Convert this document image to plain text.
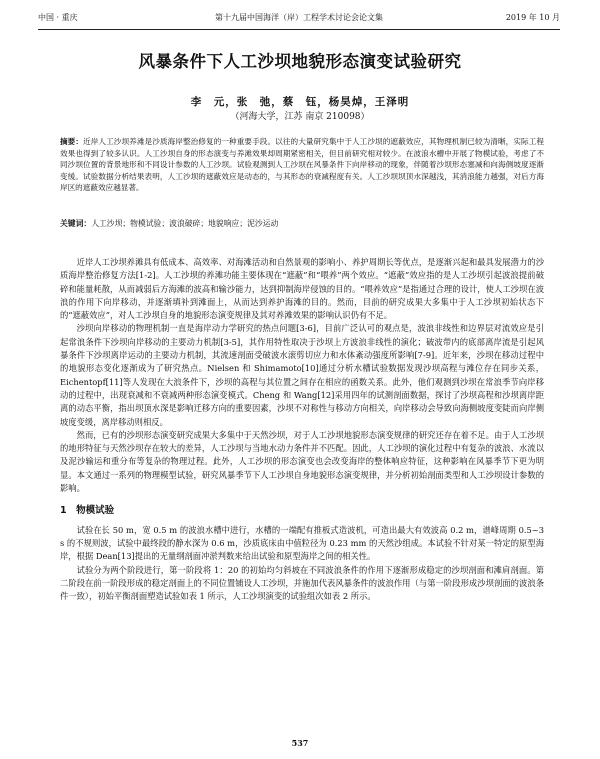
中国 · 重庆	第十九届中国海洋（岸）工程学术讨论会论文集	2019 年 10 月
风暴条件下人工沙坝地貌形态演变试验研究
李　元，张　弛，蔡　钰，杨昊焯，王泽明
（河海大学，江苏 南京 210098）
摘要：近岸人工沙坝养滩是沙质海岸整治修复的一种重要手段。以往的大量研究集中于人工沙坝的遮蔽效应，其物理机制已较为清晰，实际工程效果也得到了较多认识。人工沙坝自身的形态演变与养滩效果却周期紧密相关，但目前研究相对较少。在波浪水槽中开展了物模试验，考虑了不同沙坝位置的背景地形和不同设计参数的人工沙坝。试验观测到人工沙坝在风暴条件下向岸移动的现象，伴随着沙坝形态塞减和向海侧坡度逐渐变缓。试验数据分析结果表明，人工沙坝的遮蔽效应是动态的，与其形态的衰减程度有关。人工沙坝坝顶水深越浅，其消浪能力越强，对后方海岸区的遮蔽效应越显著。
关键词：人工沙坝；物模试验；波浪破碎；地貌响应；泥沙运动

近岸人工沙坝养滩具有低成本、高效率、对海滩活动和自然景观的影响小、养护周期长等优点，是逐渐兴起和最具发展潜力的沙质海岸整治修复方法[1-2]。人工沙坝的养滩功能主要体现在“遮蔽”和“喂养”两个效应。“遮蔽”效应指的是人工沙坝引起波浪提前破碎和能量耗散，从而减弱后方海滩的波高和输沙能力，达到抑制海岸侵蚀的目的。“喂养效应”是指通过合理的设计，使人工沙坝在波浪的作用下向岸移动，并逐渐填补到滩面上，从而达到养护海滩的目的。然而，目前的研究成果大多集中于人工沙坝初始状态下的“遮蔽效应”，对人工沙坝自身的地貌形态演变规律及其对养滩效果的影响认识仍有不足。

沙坝向岸移动的物理机制一直是海岸动力学研究的热点问题[3-6]，目前广泛认可的观点是，波浪非线性和边界层对流效应是引起常浪条件下沙坝向岸移动的主要动力机制[3-5]，其作用特性取决于沙坝上方波浪非线性的演化；破波带内的底部离岸流是引起风暴条件下沙坝离岸运动的主要动力机制，其流速剖面受破波水滚剪切应力和水体紊动强度所影响[7-9]。近年来，沙坝在移动过程中的地貌形态变化逐渐成为了研究热点。Nielsen 和 Shimamoto[10]通过分析水槽试验数据发现沙坝高程与滩位存在同步关系，Eichentopf[11]等人发现在大浪条件下，沙坝的高程与其位置之间存在相应的函数关系。此外，他们观测到沙坝在常浪季节向岸移动的过程中，出现衰减和不衰减两种形态演变模式。Cheng 和 Wang[12]采用四年的试测剖面数据，探讨了沙坝高程和沙坝离岸距离的动态平衡，指出坝顶水深是影响迁移方向的重要因素，沙坝不对称性与移动方向相关，向岸移动会导致向海侧坡度变陡而向岸侧坡度变缓，离岸移动则相反。

然而，已有的沙坝形态演变研究成果大多集中于天然沙坝，对于人工沙坝地貌形态演变规律的研究还存在着不足。由于人工沙坝的地形特征与天然沙坝存在较大的差异，人工沙坝与当地水动力条件并不匹配。因此，人工沙坝的演化过程中有复杂的波浪、水流以及泥沙输运和重分布等复杂的物理过程。此外，人工沙坝的形态演变也会改变海岸的整体响应特征，这种影响在风暴季节下更为明显。本文通过一系列的物理模型试验，研究风暴季节下人工沙坝自身地貌形态演变规律，并分析初始剖面类型和人工沙坝设计参数的影响。

1　物模试验

试验在长 50 m，宽 0.5 m 的波浪水槽中进行，水槽的一端配有推板式造波机，可造出最大有效波高 0.2 m，谱峰周期 0.5~3 s 的不规则波，试验中最终段的静水深为 0.6 m，沙质底床由中值粒径为 0.23 mm 的天然沙组成。本试验不针对某一特定的原型海岸，根据 Dean[13]提出的无量纲剖面冲淤判数来给出试验和原型海岸之间的相关性。

试验分为两个阶段进行，第一阶段将 1：20 的初始均匀斜坡在不同波浪条件的作用下逐渐形成稳定的沙坝剖面和滩肩剖面。第二阶段在前一阶段形成的稳定剖面上的不同位置铺设人工沙坝，并施加代表风暴条件的波浪作用（与第一阶段形成沙坝剖面的波浪条件一致），初始平衡剖面塑造试验如表 1 所示，人工沙坝演变的试验组次如表 2 所示。

537
